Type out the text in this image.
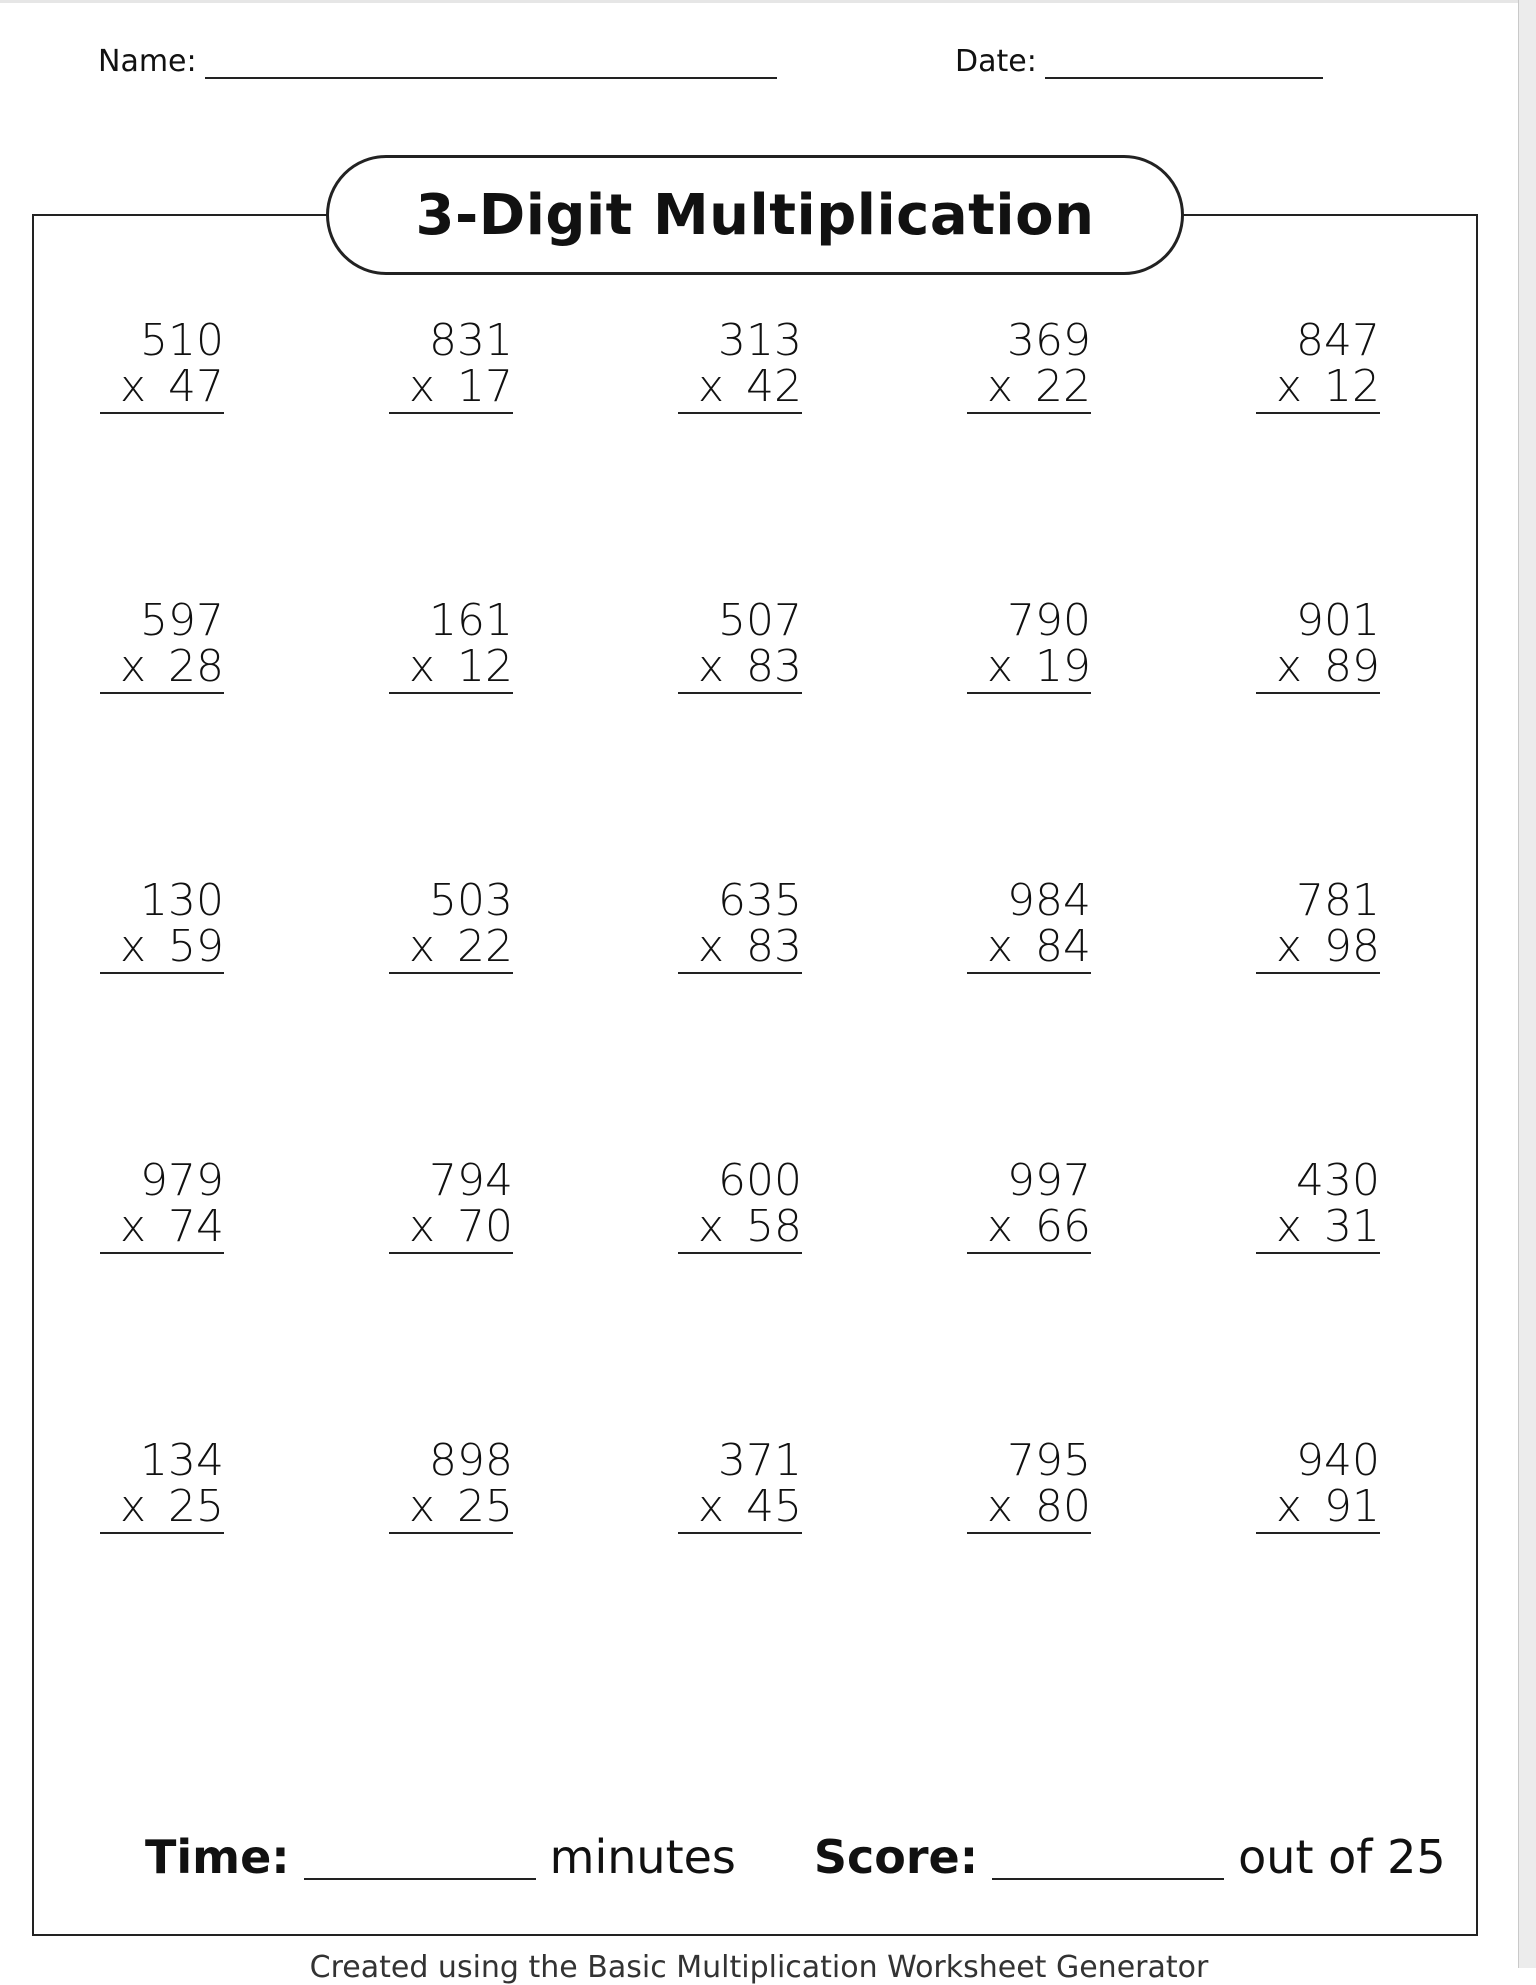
Name:	Date:
3-Digit Multiplication
510
x 47
831
x 17
313
x 42
369
x 22
847
x 12
597
x 28
161
x 12
507
x 83
790
x 19
901
x 89
130
x 59
503
x 22
635
x 83
984
x 84
781
x 98
979
x 74
794
x 70
600
x 58
997
x 66
430
x 31
134
x 25
898
x 25
371
x 45
795
x 80
940
x 91
Time:	minutes Score:	out of 25
Created using the Basic Multiplication Worksheet Generator
